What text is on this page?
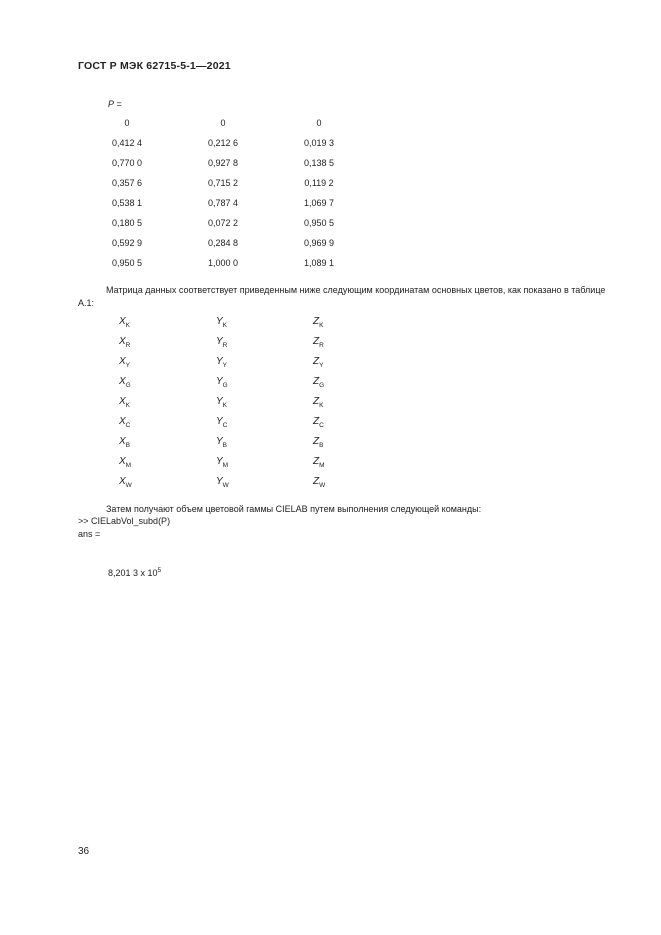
ГОСТ Р МЭК 62715-5-1—2021
P =
0	0	0
0,412 4	0,212 6	0,019 3
0,770 0	0,927 8	0,138 5
0,357 6	0,715 2	0,119 2
0,538 1	0,787 4	1,069 7
0,180 5	0,072 2	0,950 5
0,592 9	0,284 8	0,969 9
0,950 5	1,000 0	1,089 1
Матрица данных соответствует приведенным ниже следующим координатам основных цветов, как показано в таблице А.1:
$X_K$	$Y_K$	$Z_K$
$X_R$	$Y_R$	$Z_R$
$X_Y$	$Y_Y$	$Z_Y$
$X_G$	$Y_G$	$Z_G$
$X_K$	$Y_K$	$Z_K$
$X_C$	$Y_C$	$Z_C$
$X_B$	$Y_B$	$Z_B$
$X_M$	$Y_M$	$Z_M$
$X_W$	$Y_W$	$Z_W$
Затем получают объем цветовой гаммы CIELAB путем выполнения следующей команды:
>> CIELabVol_subd(P)
ans =
8,201 3 x $10^5$
36
